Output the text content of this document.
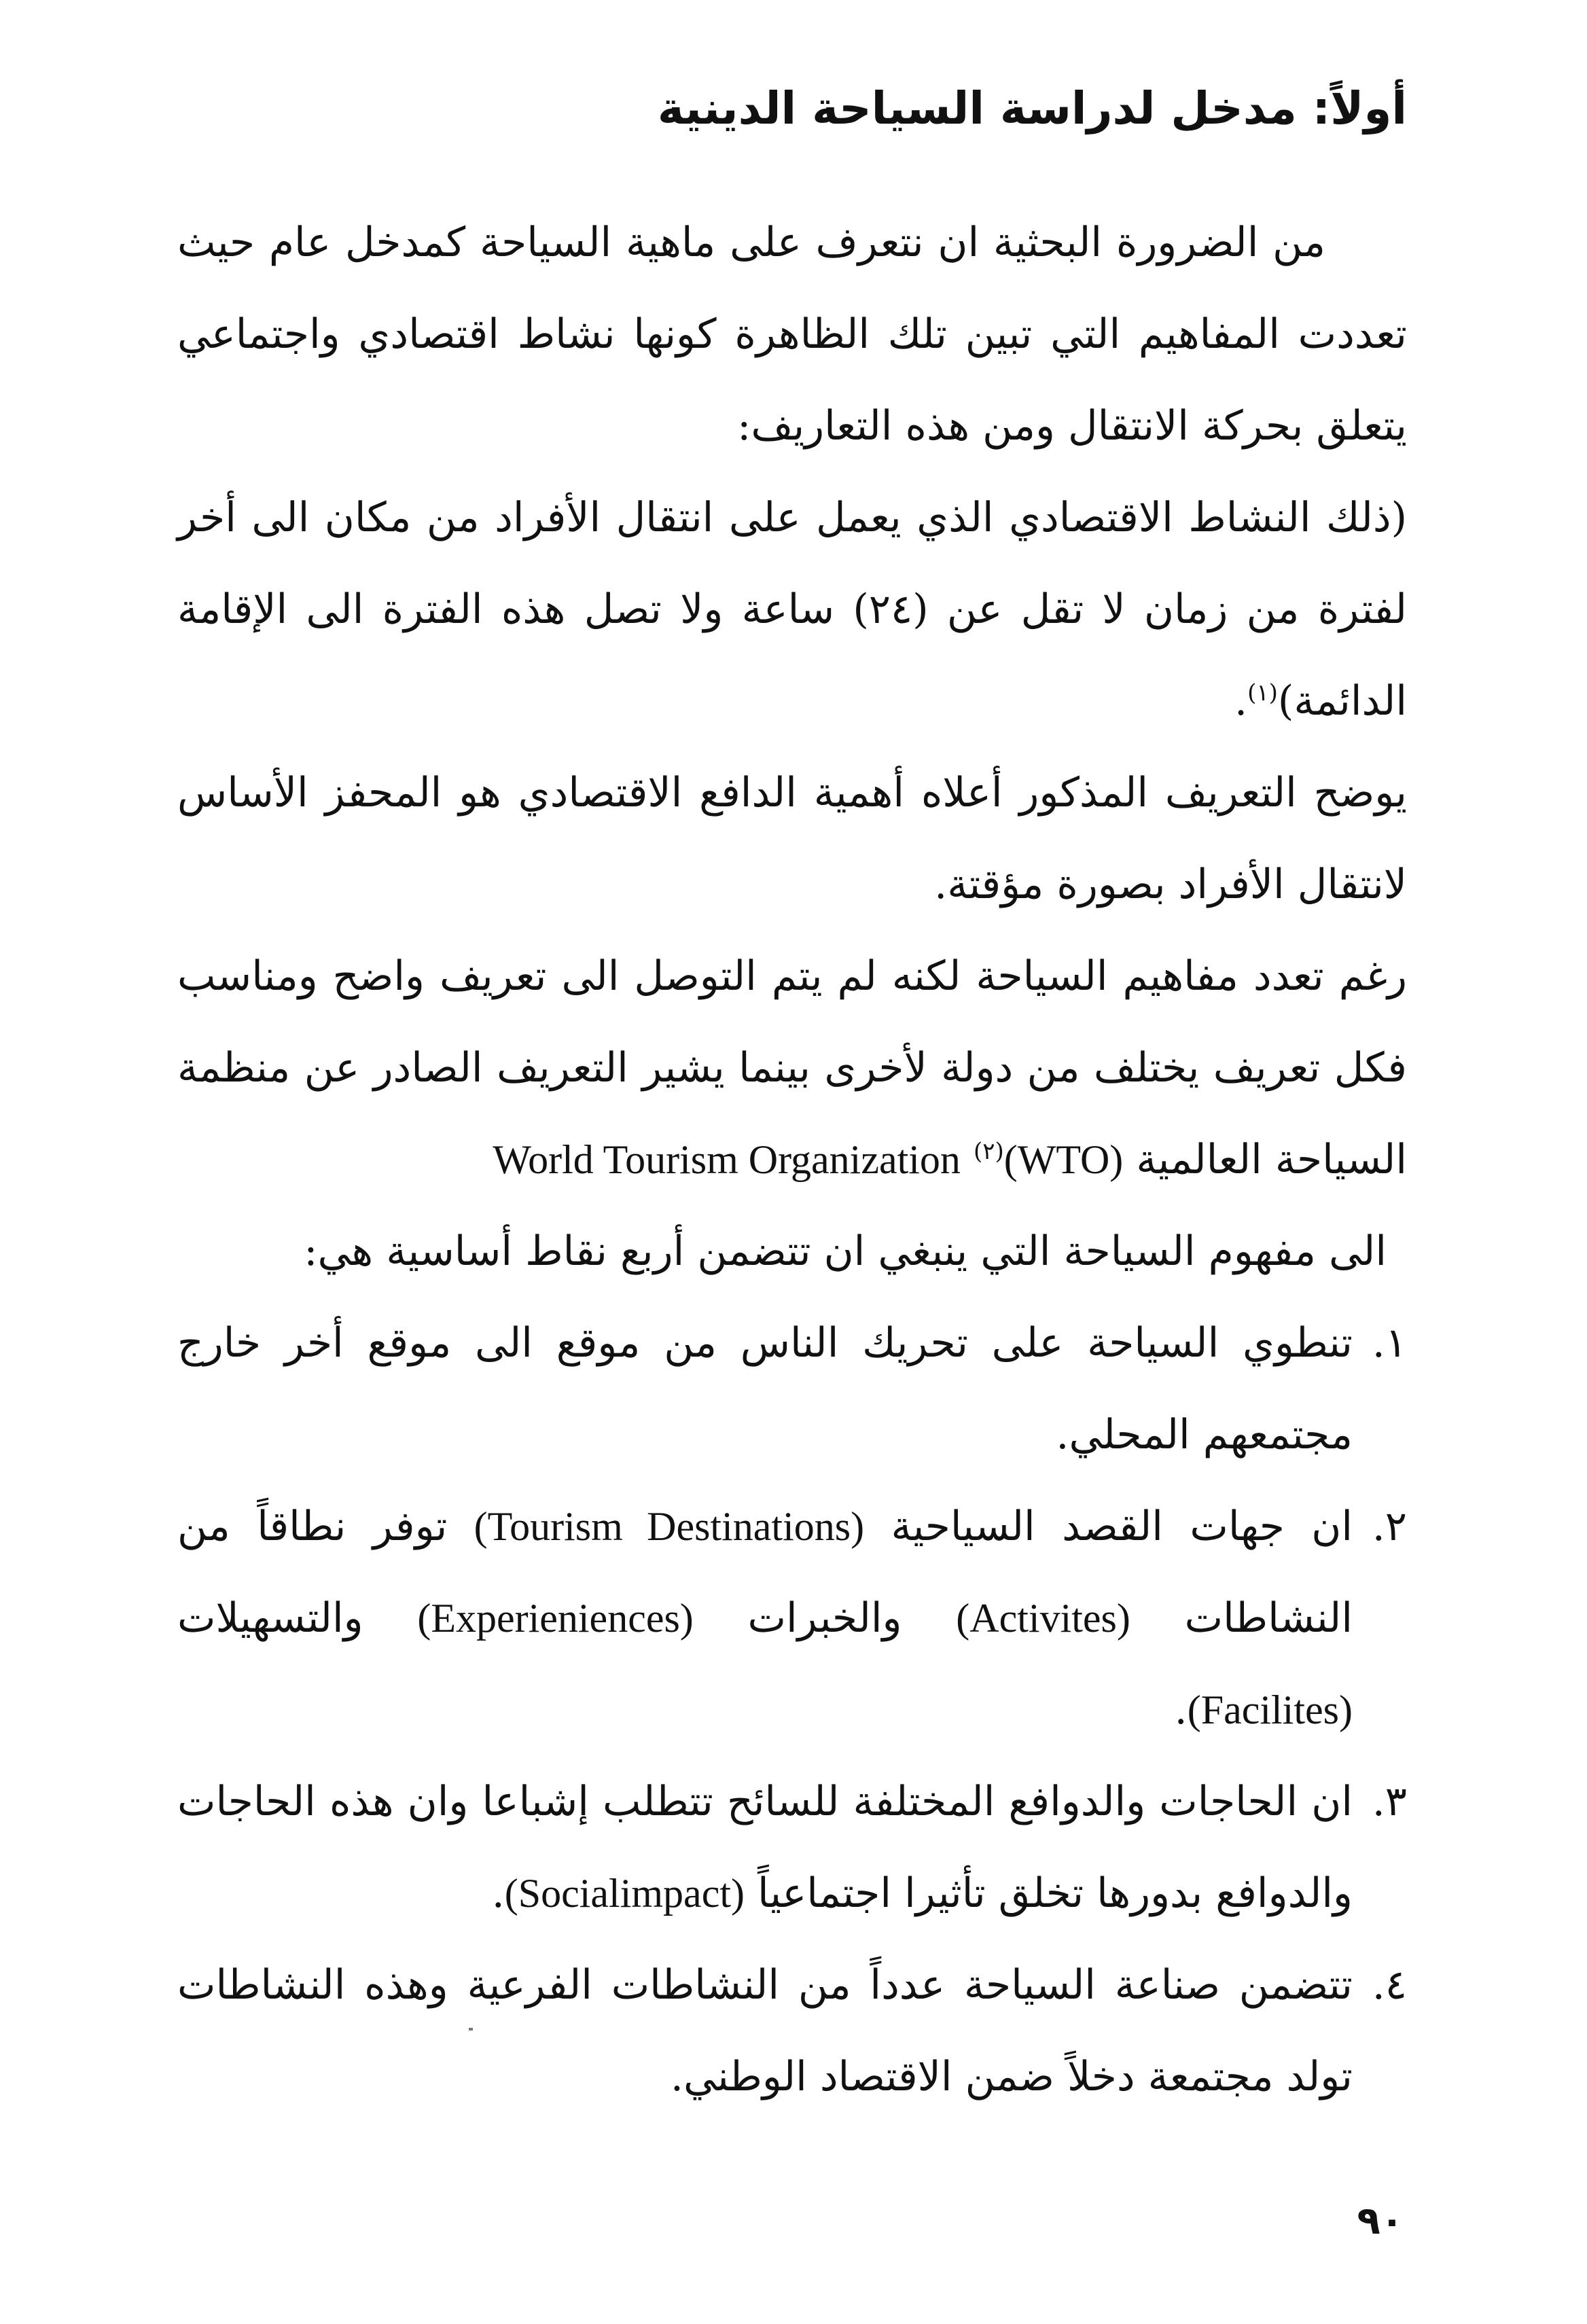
أولاً: مدخل لدراسة السياحة الدينية

من الضرورة البحثية ان نتعرف على ماهية السياحة كمدخل عام حيث تعددت المفاهيم التي تبين تلك الظاهرة كونها نشاط اقتصادي واجتماعي يتعلق بحركة الانتقال ومن هذه التعاريف:

(ذلك النشاط الاقتصادي الذي يعمل على انتقال الأفراد من مكان الى أخر لفترة من زمان لا تقل عن (٢٤) ساعة ولا تصل هذه الفترة الى الإقامة الدائمة)$^{(١)}$.

يوضح التعريف المذكور أعلاه أهمية الدافع الاقتصادي هو المحفز الأساس لانتقال الأفراد بصورة مؤقتة.

رغم تعدد مفاهيم السياحة لكنه لم يتم التوصل الى تعريف واضح ومناسب فكل تعريف يختلف من دولة لأخرى بينما يشير التعريف الصادر عن منظمة السياحة العالمية (WTO)$^{(٢)}$ World Tourism Organization

الى مفهوم السياحة التي ينبغي ان تتضمن أربع نقاط أساسية هي:

١.
تنطوي السياحة على تحريك الناس من موقع الى موقع أخر خارج مجتمعهم المحلي.
٢.
ان جهات القصد السياحية (Tourism Destinations) توفر نطاقاً من النشاطات (Activites) والخبرات (Experieniences) والتسهيلات (Facilites).
٣.
ان الحاجات والدوافع المختلفة للسائح تتطلب إشباعا وان هذه الحاجات والدوافع بدورها تخلق تأثيرا اجتماعياً (Socialimpact).
٤.
تتضمن صناعة السياحة عدداً من النشاطات الفرعية وهذه النشاطات تولد مجتمعة دخلاً ضمن الاقتصاد الوطني.
٩٠
